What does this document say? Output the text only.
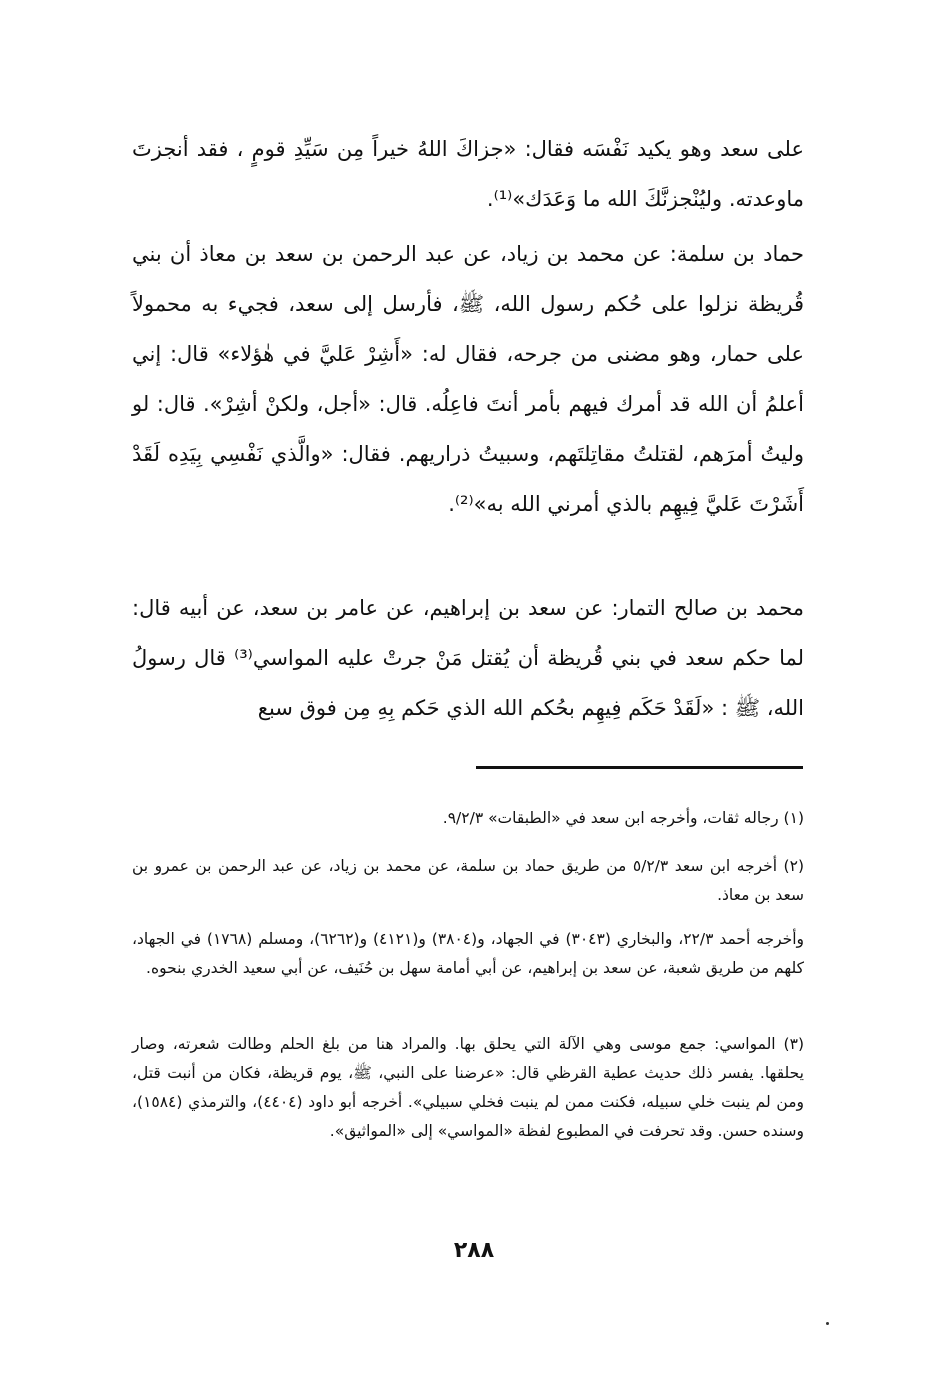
على سعد وهو يكيد نَفْسَه فقال: «جزاكَ اللهُ خيراً مِن سَيِّدِ قومٍ ، فقد أنجزتَ ماوعدته. وليُنْجزنَّكَ الله ما وَعَدَك»⁽¹⁾.

حماد بن سلمة: عن محمد بن زياد، عن عبد الرحمن بن سعد بن معاذ أن بني قُريظة نزلوا على حُكم رسول الله، ﷺ، فأرسل إلى سعد، فجيء به محمولاً على حمار، وهو مضنى من جرحه، فقال له: «أَشِرْ عَليَّ في هٰؤلاء» قال: إني أعلمُ أن الله قد أمرك فيهم بأمر أنتَ فاعِلُه. قال: «أجل، ولكنْ أشِرْ». قال: لو وليتُ أمرَهم، لقتلتُ مقاتِلتَهم، وسبيتُ ذراريهم. فقال: «والَّذي نَفْسِي بِيَدِه لَقَدْ أَشَرْتَ عَليَّ فِيهِم بالذي أمرني الله به»⁽²⁾.

محمد بن صالح التمار: عن سعد بن إبراهيم، عن عامر بن سعد، عن أبيه قال: لما حكم سعد في بني قُريظة أن يُقتل مَنْ جرتْ عليه المواسي⁽³⁾ قال رسولُ الله، ﷺ : «لَقَدْ حَكَم فِيهِم بحُكم الله الذي حَكم بِهِ مِن فوق سبع

(١) رجاله ثقات، وأخرجه ابن سعد في «الطبقات» ٩/٢/٣.

(٢) أخرجه ابن سعد ٥/٢/٣ من طريق حماد بن سلمة، عن محمد بن زياد، عن عبد الرحمن بن عمرو بن سعد بن معاذ.

وأخرجه أحمد ٢٢/٣، والبخاري (٣٠٤٣) في الجهاد، و(٣٨٠٤) و(٤١٢١) و(٦٢٦٢)، ومسلم (١٧٦٨) في الجهاد، كلهم من طريق شعبة، عن سعد بن إبراهيم، عن أبي أمامة سهل بن حُنَيف، عن أبي سعيد الخدري بنحوه.

(٣) المواسي: جمع موسى وهي الآلة التي يحلق بها. والمراد هنا من بلغ الحلم وطالت شعرته، وصار يحلقها. يفسر ذلك حديث عطية القرظي قال: «عرضنا على النبي، ﷺ، يوم قريظة، فكان من أنبت قتل، ومن لم ينبت خلي سبيله، فكنت ممن لم ينبت فخلي سبيلي». أخرجه أبو داود (٤٤٠٤)، والترمذي (١٥٨٤)، وسنده حسن. وقد تحرفت في المطبوع لفظة «المواسي» إلى «المواثيق».

٢٨٨
